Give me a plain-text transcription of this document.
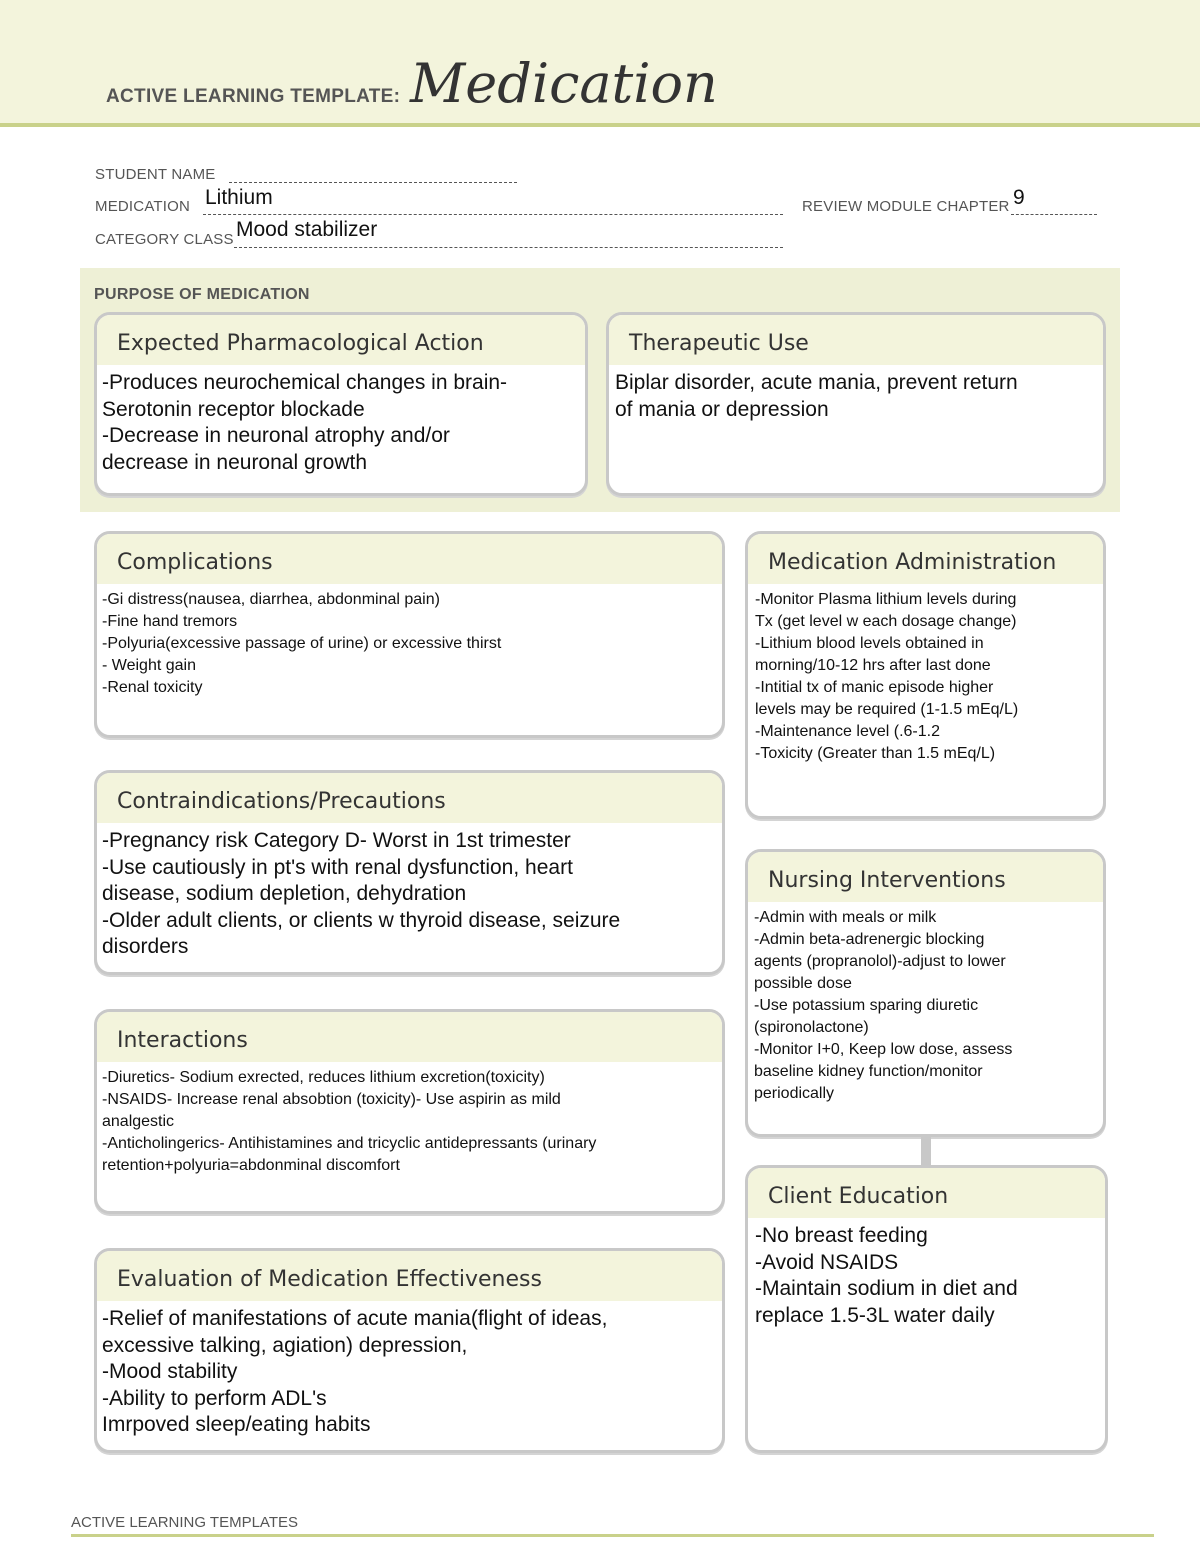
ACTIVE LEARNING TEMPLATE: Medication
STUDENT NAME
MEDICATION Lithium	REVIEW MODULE CHAPTER 9
CATEGORY CLASS Mood stabilizer
PURPOSE OF MEDICATION
Expected Pharmacological Action
-Produces neurochemical changes in brain-
Serotonin receptor blockade
-Decrease in neuronal atrophy and/or
decrease in neuronal growth
Therapeutic Use
Biplar disorder, acute mania, prevent return
of mania or depression
Complications
-Gi distress(nausea, diarrhea, abdonminal pain)
-Fine hand tremors
-Polyuria(excessive passage of urine) or excessive thirst
- Weight gain
-Renal toxicity
Contraindications/Precautions
-Pregnancy risk Category D- Worst in 1st trimester
-Use cautiously in pt's with renal dysfunction, heart
disease, sodium depletion, dehydration
-Older adult clients, or clients w thyroid disease, seizure
disorders
Interactions
-Diuretics- Sodium exrected, reduces lithium excretion(toxicity)
-NSAIDS- Increase renal absobtion (toxicity)- Use aspirin as mild
analgestic
-Anticholingerics- Antihistamines and tricyclic antidepressants (urinary
retention+polyuria=abdonminal discomfort
Evaluation of Medication Effectiveness
-Relief of manifestations of acute mania(flight of ideas,
excessive talking, agiation) depression,
-Mood stability
-Ability to perform ADL's
Imrpoved sleep/eating habits
Medication Administration
-Monitor Plasma lithium levels during
Tx (get level w each dosage change)
-Lithium blood levels obtained in
morning/10-12 hrs after last done
-Intitial tx of manic episode higher
levels may be required (1-1.5 mEq/L)
-Maintenance level (.6-1.2
-Toxicity (Greater than 1.5 mEq/L)
Nursing Interventions
-Admin with meals or milk
-Admin beta-adrenergic blocking
agents (propranolol)-adjust to lower
possible dose
-Use potassium sparing diuretic
(spironolactone)
-Monitor I+0, Keep low dose, assess
baseline kidney function/monitor
periodically
Client Education
-No breast feeding
-Avoid NSAIDS
-Maintain sodium in diet and
replace 1.5-3L water daily
ACTIVE LEARNING TEMPLATES
